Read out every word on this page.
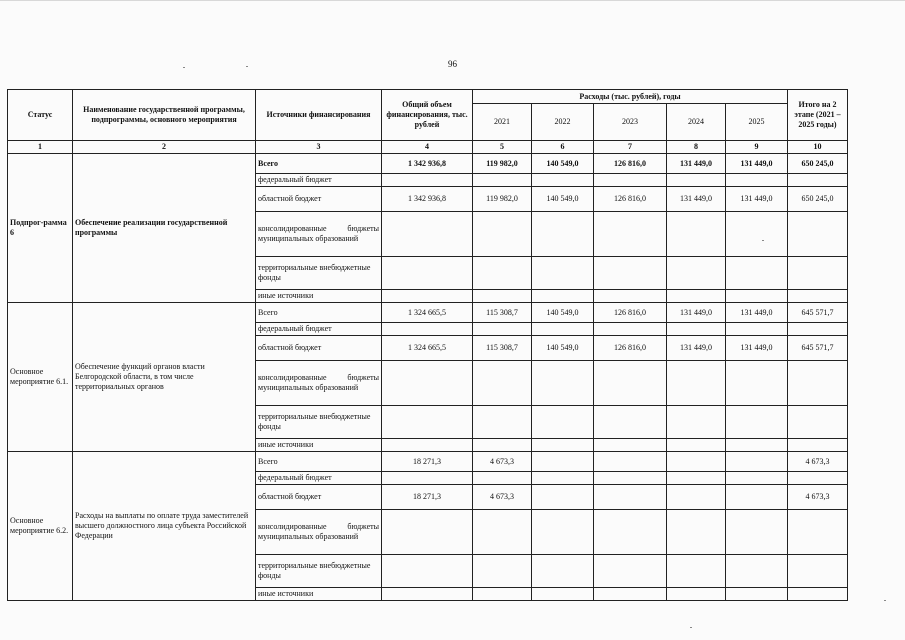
96
Статус	Наименование государственной программы, подпрограммы, основного мероприятия	Источники финансирования	Общий объем финансирования, тыс. рублей	Расходы (тыс. рублей), годы					Итого на 2 этапе (2021 – 2025 годы)
				2021	2022	2023	2024	2025	
1	2	3	4	5	6	7	8	9	10
Подпрог-рамма 6	Обеспечение реализации государственной программы	Всего	1 342 936,8	119 982,0	140 549,0	126 816,0	131 449,0	131 449,0	650 245,0
		федеральный бюджет							
		областной бюджет	1 342 936,8	119 982,0	140 549,0	126 816,0	131 449,0	131 449,0	650 245,0
		консолидированные бюджеты муниципальных образований							
		территориальные внебюджетные фонды							
		иные источники							
Основное мероприятие 6.1.	Обеспечение функций органов власти Белгородской области, в том числе территориальных органов	Всего	1 324 665,5	115 308,7	140 549,0	126 816,0	131 449,0	131 449,0	645 571,7
		федеральный бюджет							
		областной бюджет	1 324 665,5	115 308,7	140 549,0	126 816,0	131 449,0	131 449,0	645 571,7
		консолидированные бюджеты муниципальных образований							
		территориальные внебюджетные фонды							
		иные источники							
Основное мероприятие 6.2.	Расходы на выплаты по оплате труда заместителей высшего должностного лица субъекта Российской Федерации	Всего	18 271,3	4 673,3					4 673,3
		федеральный бюджет							
		областной бюджет	18 271,3	4 673,3					4 673,3
		консолидированные бюджеты муниципальных образований							
		территориальные внебюджетные фонды							
		иные источники							
